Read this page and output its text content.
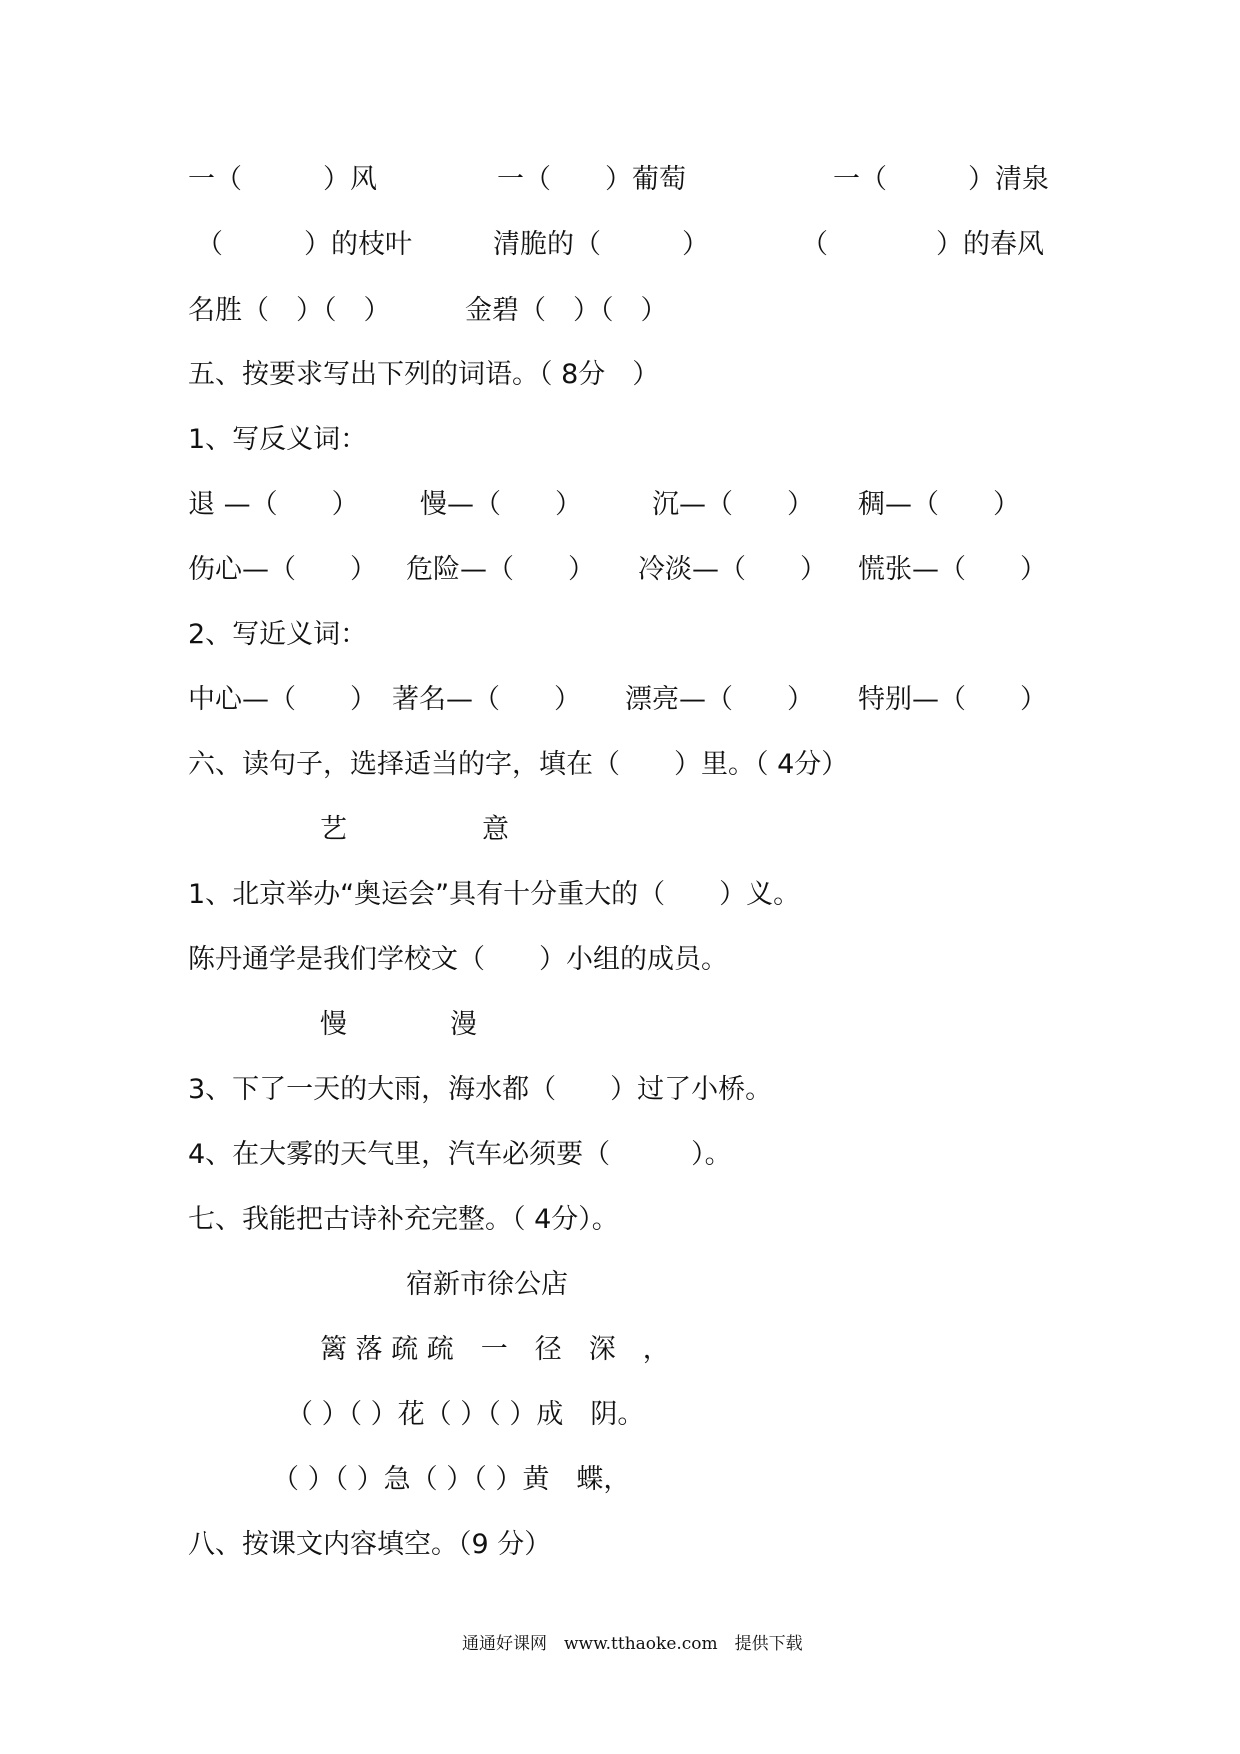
一（　　　）风	一（　　）葡萄	一（　　　）清泉
（　　　）的枝叶	清脆的（　　　）	（　　　　）的春风
名胜（　）（　）	金碧（　）（　）
五、按要求写出下列的词语。（ 8分　）
1、写反义词：
退 —（　　） 慢—（　　）	沉—（　　） 稠—（　　）
伤心—（　　） 危险—（　　） 冷淡—（　　） 慌张—（　　）
2、写近义词：
中心—（　　） 著名—（　　） 漂亮—（　　） 特别—（　　）
六、读句子，选择适当的字，填在（　　）里。（ 4分）
艺	意
1、北京举办“奥运会”具有十分重大的（　　）义。
陈丹通学是我们学校文（　　）小组的成员。
慢	漫
3、下了一天的大雨，海水都（　　）过了小桥。
4、在大雾的天气里，汽车必须要（　　　）。
七、我能把古诗补充完整。（ 4分）。
宿新市徐公店
篱 落 疏 疏　一　径　深　，
（ ）（ ）花（ ）（ ）成　阴。
（ ）（ ）急（ ）（ ）黄　蝶，
八、按课文内容填空。（9 分）
通通好课网　www.tthaoke.com　提供下载
